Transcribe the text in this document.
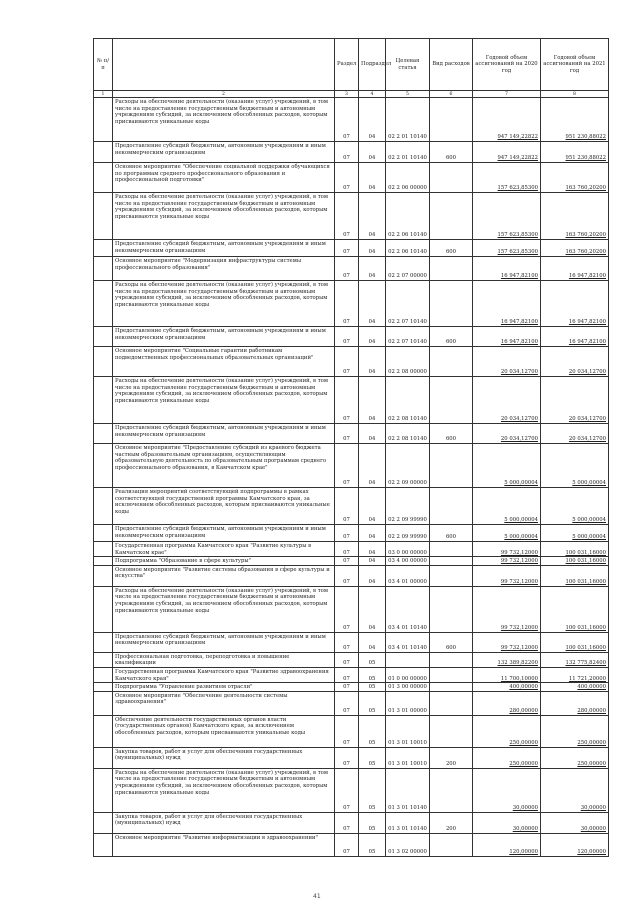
№ п/п		Раздел	Подраздел	Целевая статья	Вид расходов	Годовой объем ассигнований на 2020 год	Годовой объем ассигнований на 2021 год
1	2	3	4	5	6	7	8
	Расходы на обеспечение деятельности (оказание услуг) учреждений, в том числе на предоставление государственным бюджетным и автономным учреждениям субсидий, за исключением обособленных расходов, которым присваиваются уникальные коды	07	04	02 2 01 10140		947 149,22822	951 230,88022
	Предоставление субсидий бюджетным, автономным учреждениям и иным некоммерческим организациям	07	04	02 2 01 10140	600	947 149,22822	951 230,88022
	Основное мероприятие "Обеспечение социальной поддержки обучающихся по программам среднего профессионального образования и профессиональной подготовки"	07	04	02 2 06 00000		157 623,85300	163 760,20200
	Расходы на обеспечение деятельности (оказание услуг) учреждений, в том числе на предоставление государственным бюджетным и автономным учреждениям субсидий, за исключением обособленных расходов, которым присваиваются уникальные коды	07	04	02 2 06 10140		157 623,85300	163 760,20200
	Предоставление субсидий бюджетным, автономным учреждениям и иным некоммерческим организациям	07	04	02 2 06 10140	600	157 623,85300	163 760,20200
	Основное мероприятие "Модернизация инфраструктуры системы профессионального образования"	07	04	02 2 07 00000		16 947,82100	16 947,82100
	Расходы на обеспечение деятельности (оказание услуг) учреждений, в том числе на предоставление государственным бюджетным и автономным учреждениям субсидий, за исключением обособленных расходов, которым присваиваются уникальные коды	07	04	02 2 07 10140		16 947,82100	16 947,82100
	Предоставление субсидий бюджетным, автономным учреждениям и иным некоммерческим организациям	07	04	02 2 07 10140	600	16 947,82100	16 947,82100
	Основное мероприятие "Социальные гарантии работникам подведомственных профессиональных образовательных организаций"	07	04	02 2 08 00000		20 034,12700	20 034,12700
	Расходы на обеспечение деятельности (оказание услуг) учреждений, в том числе на предоставление государственным бюджетным и автономным учреждениям субсидий, за исключением обособленных расходов, которым присваиваются уникальные коды	07	04	02 2 08 10140		20 034,12700	20 034,12700
	Предоставление субсидий бюджетным, автономным учреждениям и иным некоммерческим организациям	07	04	02 2 08 10140	600	20 034,12700	20 034,12700
	Основное мероприятие "Предоставление субсидий из краевого бюджета частным образовательным организациям, осуществляющим образовательную деятельность по образовательным программам среднего профессионального образования, в Камчатском крае"	07	04	02 2 09 00000		5 000,00004	5 000,00004
	Реализация мероприятий соответствующей подпрограммы в рамках соответствующей государственной программы Камчатского края, за исключением обособленных расходов, которым присваиваются уникальные коды	07	04	02 2 09 99990		5 000,00004	5 000,00004
	Предоставление субсидий бюджетным, автономным учреждениям и иным некоммерческим организациям	07	04	02 2 09 99990	600	5 000,00004	5 000,00004
	Государственная программа Камчатского края "Развитие культуры в Камчатском крае"	07	04	03 0 00 00000		99 732,12000	100 031,16000
	Подпрограмма "Образование в сфере культуры"	07	04	03 4 00 00000		99 732,12000	100 031,16000
	Основное мероприятие "Развитие системы образования в сфере культуры и искусства"	07	04	03 4 01 00000		99 732,12000	100 031,16000
	Расходы на обеспечение деятельности (оказание услуг) учреждений, в том числе на предоставление государственным бюджетным и автономным учреждениям субсидий, за исключением обособленных расходов, которым присваиваются уникальные коды	07	04	03 4 01 10140		99 732,12000	100 031,16000
	Предоставление субсидий бюджетным, автономным учреждениям и иным некоммерческим организациям	07	04	03 4 01 10140	600	99 732,12000	100 031,16000
	Профессиональная подготовка, переподготовка и повышение квалификации	07	05			132 389,82200	132 775,82400
	Государственная программа Камчатского края "Развитие здравоохранения Камчатского края"	07	05	01 0 00 00000		11 700,10000	11 721,20000
	Подпрограмма "Управление развитием отрасли"	07	05	01 3 00 00000		400,00000	400,00000
	Основное мероприятие "Обеспечение деятельности системы здравоохранения"	07	05	01 3 01 00000		280,00000	280,00000
	Обеспечение деятельности государственных органов власти (государственных органов) Камчатского края, за исключением обособленных расходов, которым присваиваются уникальные коды	07	05	01 3 01 10010		250,00000	250,00000
	Закупка товаров, работ и услуг для обеспечения государственных (муниципальных) нужд	07	05	01 3 01 10010	200	250,00000	250,00000
	Расходы на обеспечение деятельности (оказание услуг) учреждений, в том числе на предоставление государственным бюджетным и автономным учреждениям субсидий, за исключением обособленных расходов, которым присваиваются уникальные коды	07	05	01 3 01 10140		30,00000	30,00000
	Закупка товаров, работ и услуг для обеспечения государственных (муниципальных) нужд	07	05	01 3 01 10140	200	30,00000	30,00000
	Основное мероприятие "Развитие информатизации в здравоохранении"	07	05	01 3 02 00000		120,00000	120,00000
41
